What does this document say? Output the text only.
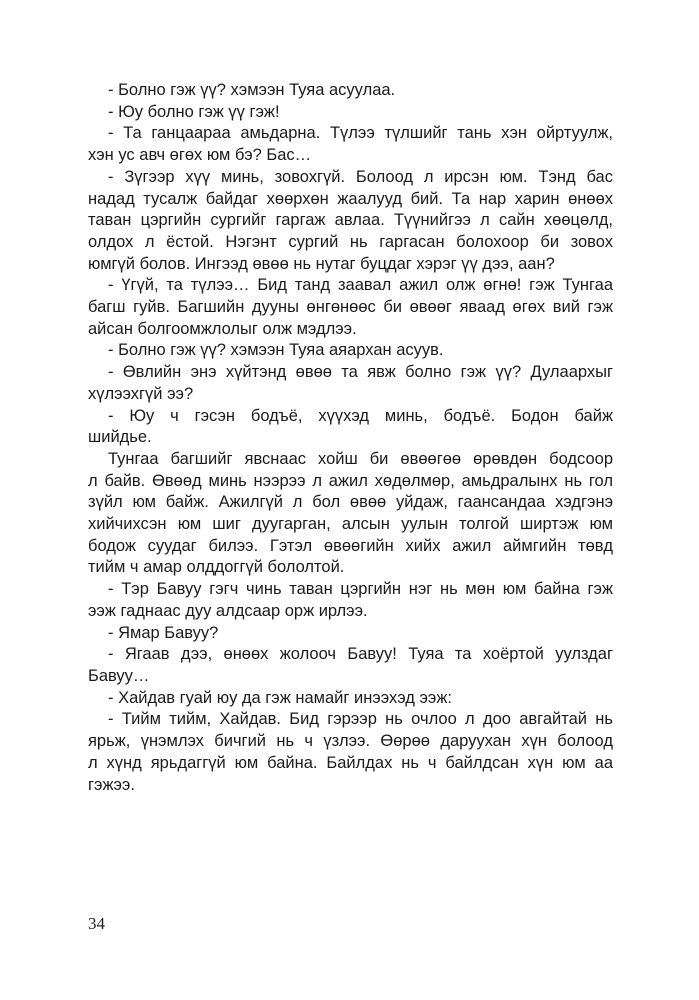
- Болно гэж үү? хэмээн Туяа асуулаа.
- Юу болно гэж үү гэж!
- Та ганцаараа амьдарна. Түлээ түлшийг тань хэн ойртуулж,
хэн ус авч өгөх юм бэ? Бас…
- Зүгээр хүү минь, зовохгүй. Болоод л ирсэн юм. Тэнд бас
надад тусалж байдаг хөөрхөн жаалууд бий. Та нар харин өнөөх
таван цэргийн сургийг гаргаж авлаа. Түүнийгээ л сайн хөөцөлд,
олдох л ёстой. Нэгэнт сургий нь гаргасан болохоор би зовох
юмгүй болов. Ингээд өвөө нь нутаг буцдаг хэрэг үү дээ, аан?
- Үгүй, та түлээ… Бид танд заавал ажил олж өгнө! гэж Тунгаа
багш гуйв. Багшийн дууны өнгөнөөс би өвөөг яваад өгөх вий гэж
айсан болгоомжлолыг олж мэдлээ.
- Болно гэж үү? хэмээн Туяа аяархан асуув.
- Өвлийн энэ хүйтэнд өвөө та явж болно гэж үү? Дулаархыг
хүлээхгүй ээ?
- Юу ч гэсэн бодъё, хүүхэд минь, бодъё. Бодон байж
шийдье.
Тунгаа багшийг явснаас хойш би өвөөгөө өрөвдөн бодсоор
л байв. Өвөөд минь нээрээ л ажил хөдөлмөр, амьдралынх нь гол
зүйл юм байж. Ажилгүй л бол өвөө уйдаж, гаансандаа хэдгэнэ
хийчихсэн юм шиг дуугарган, алсын уулын толгой ширтэж юм
бодож суудаг билээ. Гэтэл өвөөгийн хийх ажил аймгийн төвд
тийм ч амар олддоггүй бололтой.
- Тэр Бавуу гэгч чинь таван цэргийн нэг нь мөн юм байна гэж
ээж гаднаас дуу алдсаар орж ирлээ.
- Ямар Бавуу?
- Ягаав дээ, өнөөх жолооч Бавуу! Туяа та хоёртой уулздаг
Бавуу…
- Хайдав гуай юу да гэж намайг инээхэд ээж:
- Тийм тийм, Хайдав. Бид гэрээр нь очлоо л доо авгайтай нь
ярьж, үнэмлэх бичгий нь ч үзлээ. Өөрөө даруухан хүн болоод
л хүнд ярьдаггүй юм байна. Байлдах нь ч байлдсан хүн юм аа
гэжээ.
34
